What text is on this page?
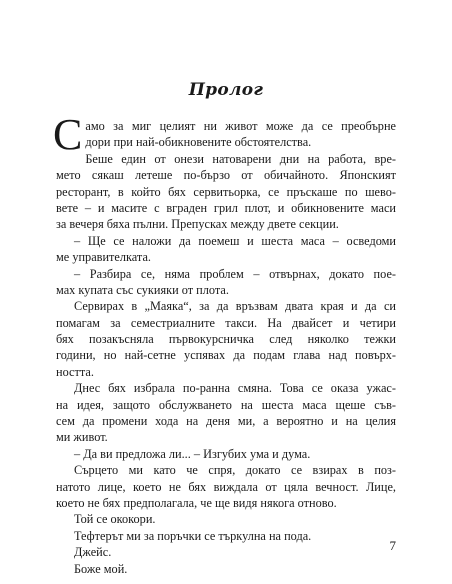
Пролог
С амо за миг целият ни живот може да се преобърне
дори при най-обикновените обстоятелства.
Беше един от онези натоварени дни на работа, вре-
мето сякаш летеше по-бързо от обичайното. Японският
ресторант, в който бях сервитьорка, се пръскаше по шево-
вете – и масите с вграден грил плот, и обикновените маси
за вечеря бяха пълни. Препусках между двете секции.
– Ще се наложи да поемеш и шеста маса – осведоми
ме управителката.
– Разбира се, няма проблем – отвърнах, докато пое-
мах купата със сукияки от плота.
Сервирах в „Маяка“, за да връзвам двата края и да си
помагам за семестриалните такси. На двайсет и четири
бях позакъсняла първокурсничка след няколко тежки
години, но най-сетне успявах да подам глава над повърх-
ността.
Днес бях избрала по-ранна смяна. Това се оказа ужас-
на идея, защото обслужването на шеста маса щеше съв-
сем да промени хода на деня ми, а вероятно и на целия
ми живот.
– Да ви предложа ли... – Изгубих ума и дума.
Сърцето ми като че спря, докато се взирах в поз-
натото лице, което не бях виждала от цяла вечност. Лице,
което не бях предполагала, че ще видя някога отново.
Той се ококори.
Тефтерът ми за поръчки се търкулна на пода.
Джейс.
Боже мой.
7
